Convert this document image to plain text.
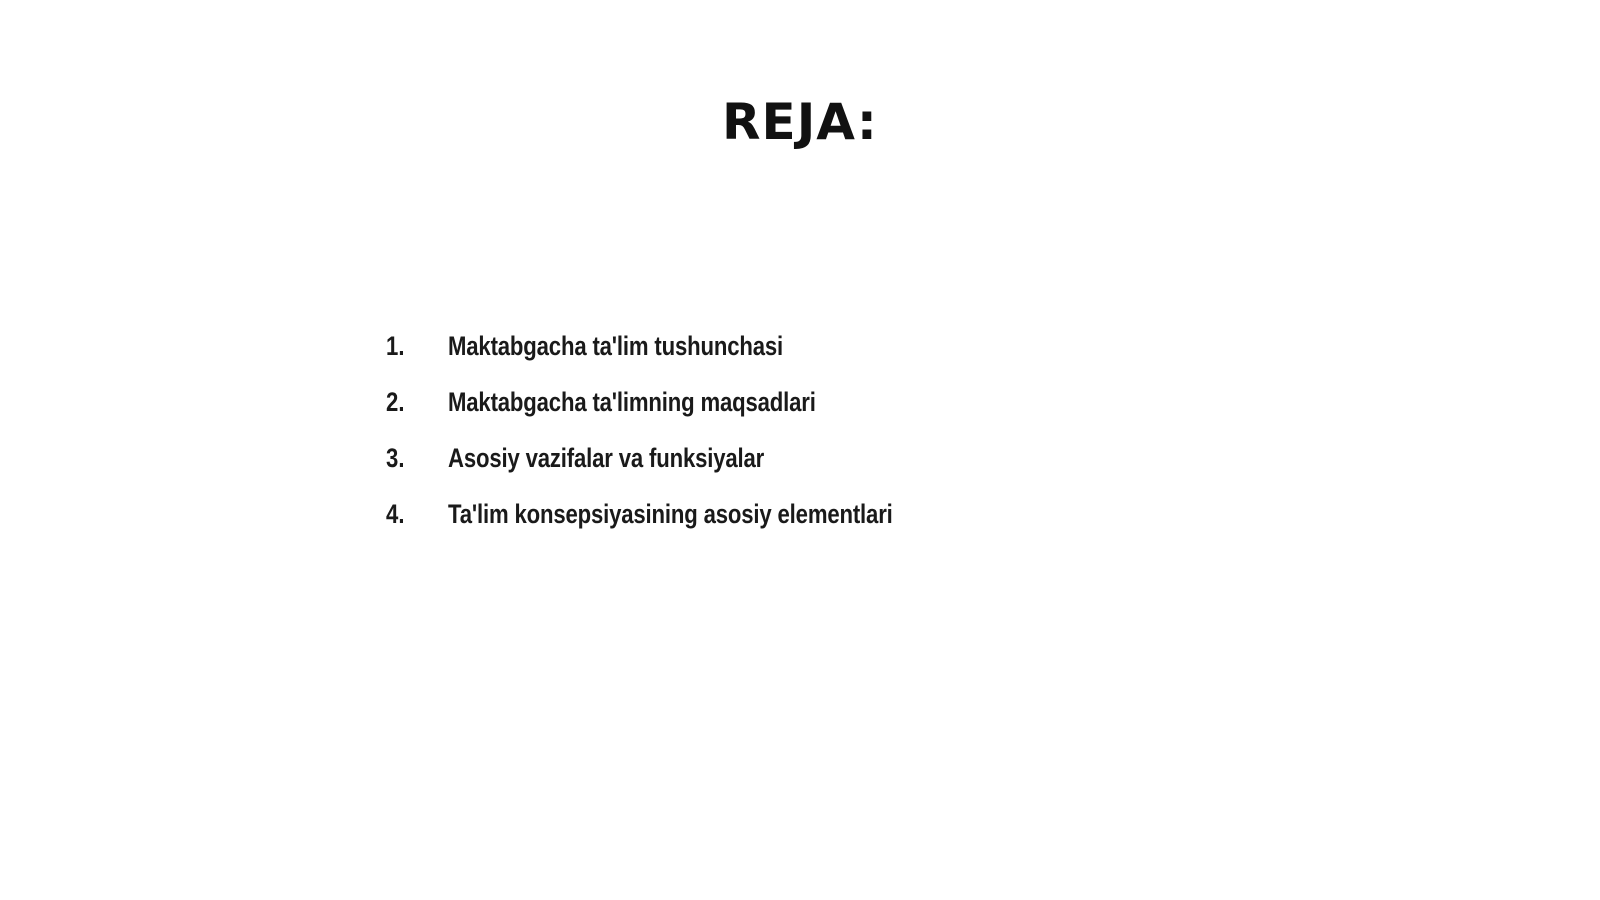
REJA:
1.	Maktabgacha ta'lim tushunchasi
2.	Maktabgacha ta'limning maqsadlari
3.	Asosiy vazifalar va funksiyalar
4.	Ta'lim konsepsiyasining asosiy elementlari
